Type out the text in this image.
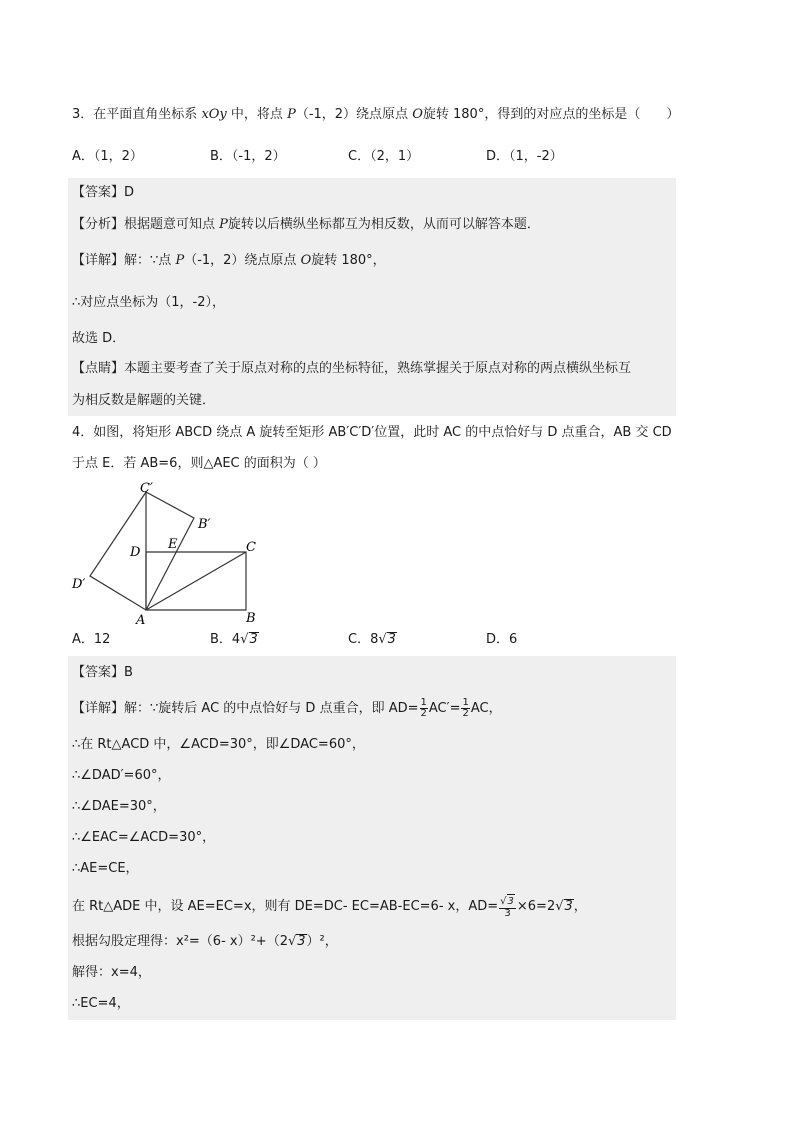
3．在平面直角坐标系 xOy 中，将点 P（-1，2）绕点原点 O旋转 180°，得到的对应点的坐标是（　　）
A．（1，2）	B．（-1，2）	C．（2，1）	D．（1，-2）
【答案】D
【分析】根据题意可知点 P旋转以后横纵坐标都互为相反数，从而可以解答本题．
【详解】解：∵点 P（-1，2）绕点原点 O旋转 180°，
∴对应点坐标为（1，-2），
故选 D．
【点睛】本题主要考查了关于原点对称的点的坐标特征，熟练掌握关于原点对称的两点横纵坐标互
为相反数是解题的关键．
4．如图，将矩形 ABCD 绕点 A 旋转至矩形 AB′C′D′位置，此时 AC 的中点恰好与 D 点重合，AB 交 CD
于点 E．若 AB=6，则△AEC 的面积为（ ）
C′
B′
D
E	C
D′
A	B
A．12	B．4√3	C．8√3	D．6
【答案】B
【详解】解：∵旋转后 AC 的中点恰好与 D 点重合，即 $AD= \frac{1}{2} AC'= \frac{1}{2}$ AC，
∴在 Rt△ACD 中，∠ACD=30°，即∠DAC=60°，
∴∠DAD′=60°，
∴∠DAE=30°，
∴∠EAC=∠ACD=30°，
∴AE=CE，
在 Rt△ADE 中，设 AE=EC=x，则有 DE=DC- EC=AB-EC=6- x，$AD= \frac{√3}{3} \times 6=2√3$，
根据勾股定理得：x²=（6- x）²+（2√3）²，
解得：x=4，
∴EC=4，
